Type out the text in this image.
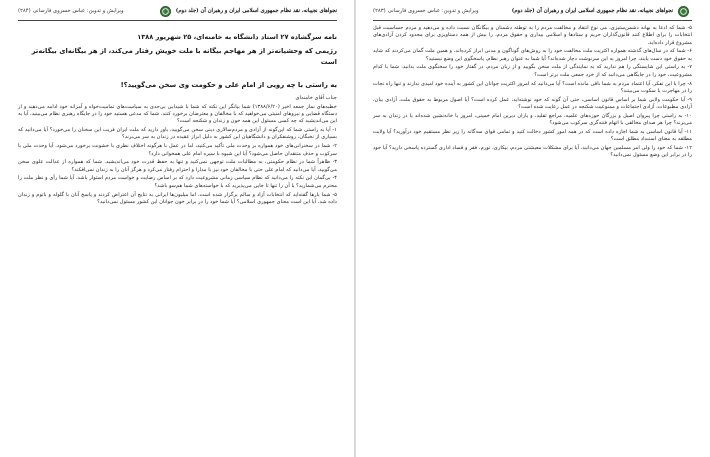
نجواهای نجیبانه، نقد نظام جمهوری اسلامی ایران و رهبران آن (جلد دوم)
ویرایش و تدوین: عباس خسروی فارسانی
(۲۸۳)

۵- شما که ادعا به بهانه دشمن‌ستیزی، می نوع انتقاد و مخالفت مردم را به توطئه دشمنان و بیگانگان نسبت داده و می‌دهید و مردم حساسیت قبل انتخابات را برای اطلاع کنند قانون‌گذاران حریم و ستادها و اسلامی بیداری و حقوق مردم، را بیش از همه دستاویزی برای محدود کردن آزادی‌های مشروع قرار داده‌اید.

۶- شما که در سال‌های گذشته همواره اکثریت ملت مخالفت خود را به روش‌های گوناگون و مدنی ابراز کرده‌اند، و همین ملت گمان می‌کردند که شاید به حقوق خود دست یابند، چرا امروز به این سرنوشت دچار شده‌اند؟ آیا شما به عنوان رهبر نظام، پاسخگوی این وضع نیستید؟

۷- به راستی این شایستگی را هم ندارید که به نمایندگی از ملت سخن بگویید و از زبان مردم، در گفتار خود را سخنگوی ملت بدانید. شما با کدام مشروعیت، خود را در جایگاهی می‌دانید که از خرد جمعی ملت برتر است؟

۸- چرا با این تفکر، آیا اعتماد مردم به شما باقی مانده است؟ آیا می‌دانید که امروز اکثریت جوانان این کشور به آینده خود امیدی ندارند و تنها راه نجات را در مهاجرت یا سکوت می‌بینند؟

۹- آیا حکومت ولایی شما بر اساس قانون اساسی، حتی آن گونه که خود نوشته‌اید، عمل کرده است؟ آیا اصول مربوط به حقوق ملت، آزادی بیان، آزادی مطبوعات، آزادی اجتماعات و ممنوعیت شکنجه در عمل رعایت شده است؟

۱۰- به راستی چرا پیروان اصیل و بزرگان حوزه‌های علمیه، مراجع تقلید، و یاران دیرین امام خمینی، امروز یا خانه‌نشین شده‌اند یا در زندان به سر می‌برند؟ چرا هر صدای مخالفی با اتهام فتنه‌گری سرکوب می‌شود؟

۱۱- آیا قانون اساسی به شما اجازه داده است که در همه امور کشور دخالت کنید و تمامی قوای سه‌گانه را زیر نظر مستقیم خود درآورید؟ آیا ولایت مطلقه به معنای استبداد مطلق است؟

۱۲- شما که خود را ولی امر مسلمین جهان می‌دانید، آیا برای مشکلات معیشتی مردم، بیکاری، تورم، فقر و فساد اداری گسترده پاسخی دارید؟ آیا خود را در برابر این وضع مسئول نمی‌دانید؟

نجواهای نجیبانه، نقد نظام جمهوری اسلامی ایران و رهبران آن (جلد دوم)
ویرایش و تدوین: عباس خسروی فارسانی
(۲۸۴)
نامه سرگشاده ۲۷ استاد دانشگاه به خامنه‌ای، ۲۵ شهریور ۱۳۸۸
رژیمی که وحشیانه‌تر از هر مهاجم بیگانه با ملت خویش رفتار می‌کند، از هر بیگانه‌ای بیگانه‌تر است
به راستی با چه رویی از امام علی و حکومت وی سخن می‌گویید؟!

جناب آقای خامنه‌ای

خطبه‌های نماز جمعه اخیر (۱۳۸۸/۶/۲۰) شما بیانگر این نکته که شما با شیدایی بی‌حدی به سیاست‌های تمامیت‌خواه و آمرانه خود ادامه می‌دهید و از دستگاه قضایی و نیروهای امنیتی می‌خواهید که با مخالفان و معترضان برخورد کنند. شما که مدعی هستید خود را در جایگاه رهبری نظام می‌بینید، آیا به این می‌اندیشید که چه کسی مسئول این همه خون و زندان و شکنجه است؟

۱- آیا به راستی شما که این‌گونه از آزادی و مردم‌سالاری دینی سخن می‌گویید، باور دارید که ملت ایران فریب این سخنان را می‌خورد؟ آیا می‌دانید که بسیاری از نخبگان، روشنفکران و دانشگاهیان این کشور به دلیل ابراز عقیده در زندان به سر می‌برند؟

۲- شما در سخنرانی‌های خود همواره بر وحدت ملی تأکید می‌کنید، اما در عمل با هرگونه اختلاف نظری با خشونت برخورد می‌شود. آیا وحدت ملی با سرکوب و حذف منتقدان حاصل می‌شود؟ آیا این شیوه با سیره امام علی همخوانی دارد؟

۳- ظاهراً شما در نظام حکومتی، به مطالبات ملت توجهی نمی‌کنید و تنها به حفظ قدرت خود می‌اندیشید. شما که همواره از عدالت علوی سخن می‌گویید، آیا می‌دانید که امام علی حتی با مخالفان خود نیز با مدارا و احترام رفتار می‌کرد و هرگز آنان را به زندان نمی‌افکند؟

۴- بی‌گمان این نکته را می‌دانید که نظام سیاسی زمانی مشروعیت دارد که بر اساس رضایت و خواست مردم استوار باشد. آیا شما رأی و نظر ملت را محترم می‌شمارید؟ یا آن را تنها تا جایی می‌پذیرید که با خواسته‌های شما هم‌سو باشد؟

۵- شما بارها گفته‌اید که انتخابات آزاد و سالم برگزار شده است، اما میلیون‌ها ایرانی به نتایج آن اعتراض کردند و پاسخ آنان با گلوله و باتوم و زندان داده شد. آیا این است معنای جمهوری اسلامی؟ آیا شما خود را در برابر خون جوانان این کشور مسئول نمی‌دانید؟
